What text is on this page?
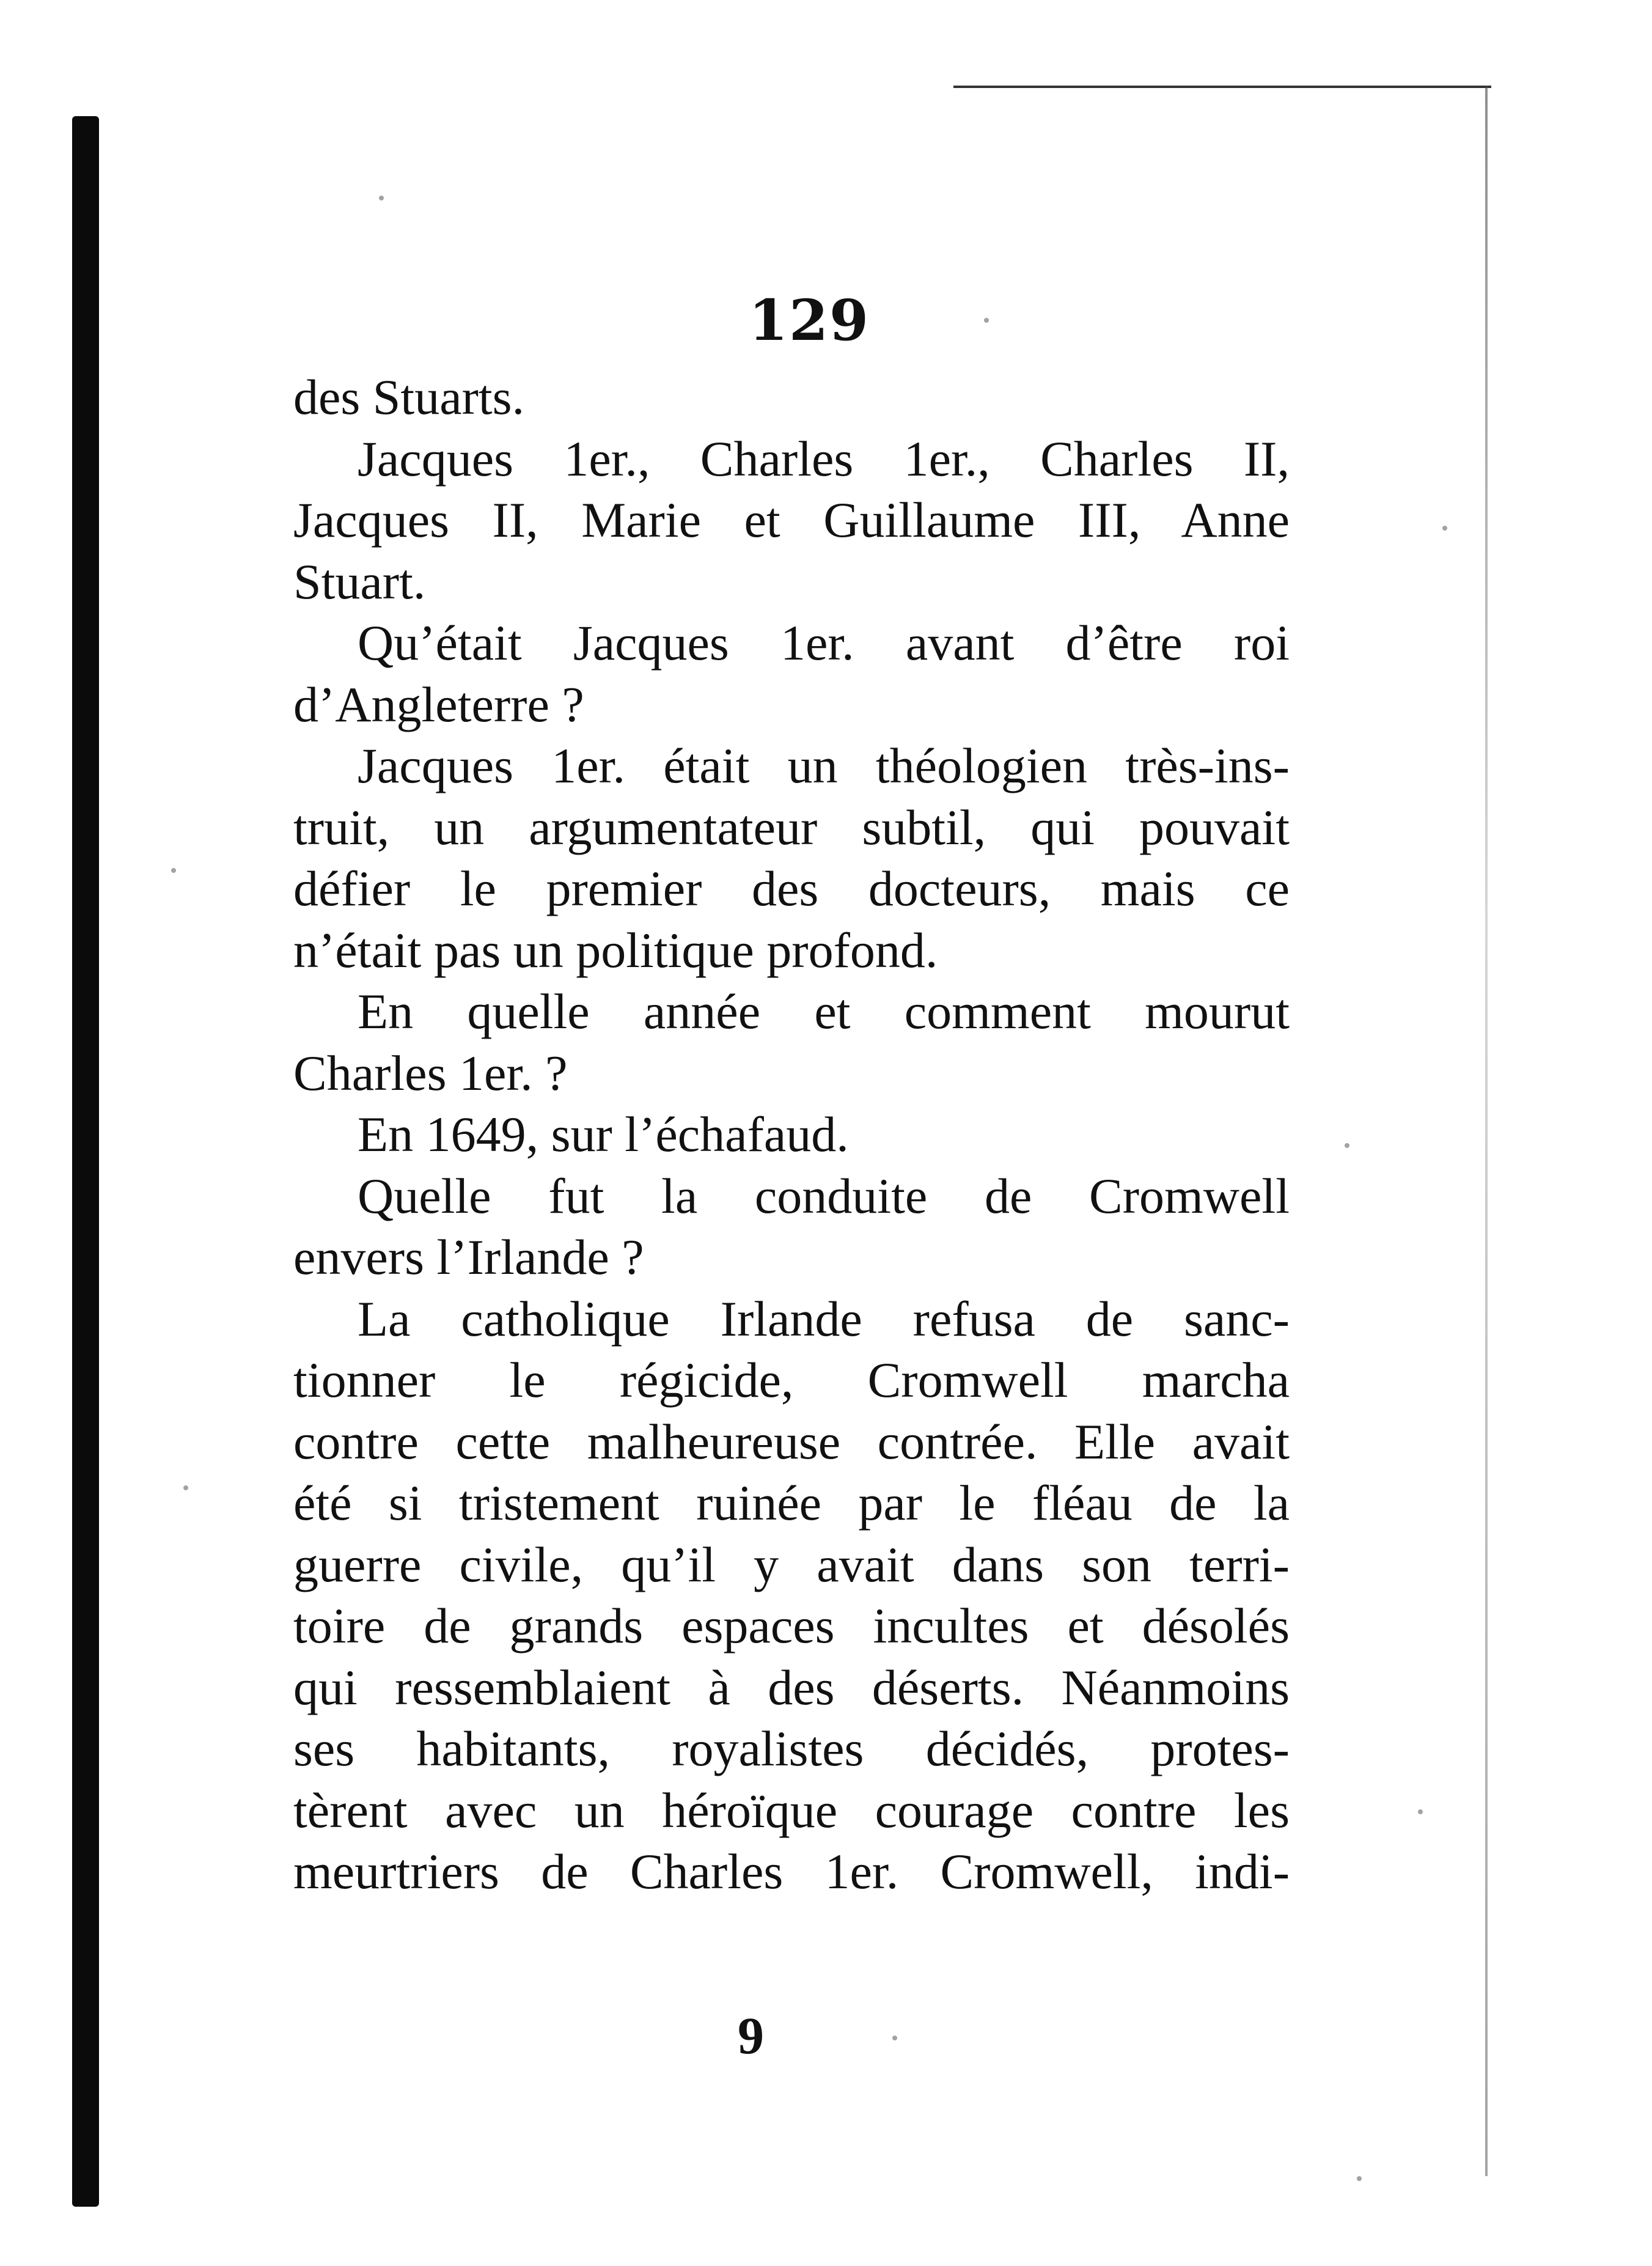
129
des Stuarts.
Jacques 1er., Charles 1er., Charles II,
Jacques II, Marie et Guillaume III, Anne
Stuart.
Qu’était Jacques 1er. avant d’être roi
d’Angleterre ?
Jacques 1er. était un théologien très-ins-
truit, un argumentateur subtil, qui pouvait
défier le premier des docteurs, mais ce
n’était pas un politique profond.
En quelle année et comment mourut
Charles 1er. ?
En 1649, sur l’échafaud.
Quelle fut la conduite de Cromwell
envers l’Irlande ?
La catholique Irlande refusa de sanc-
tionner le régicide, Cromwell marcha
contre cette malheureuse contrée. Elle avait
été si tristement ruinée par le fléau de la
guerre civile, qu’il y avait dans son terri-
toire de grands espaces incultes et désolés
qui ressemblaient à des déserts. Néanmoins
ses habitants, royalistes décidés, protes-
tèrent avec un héroïque courage contre les
meurtriers de Charles 1er. Cromwell, indi-
9
